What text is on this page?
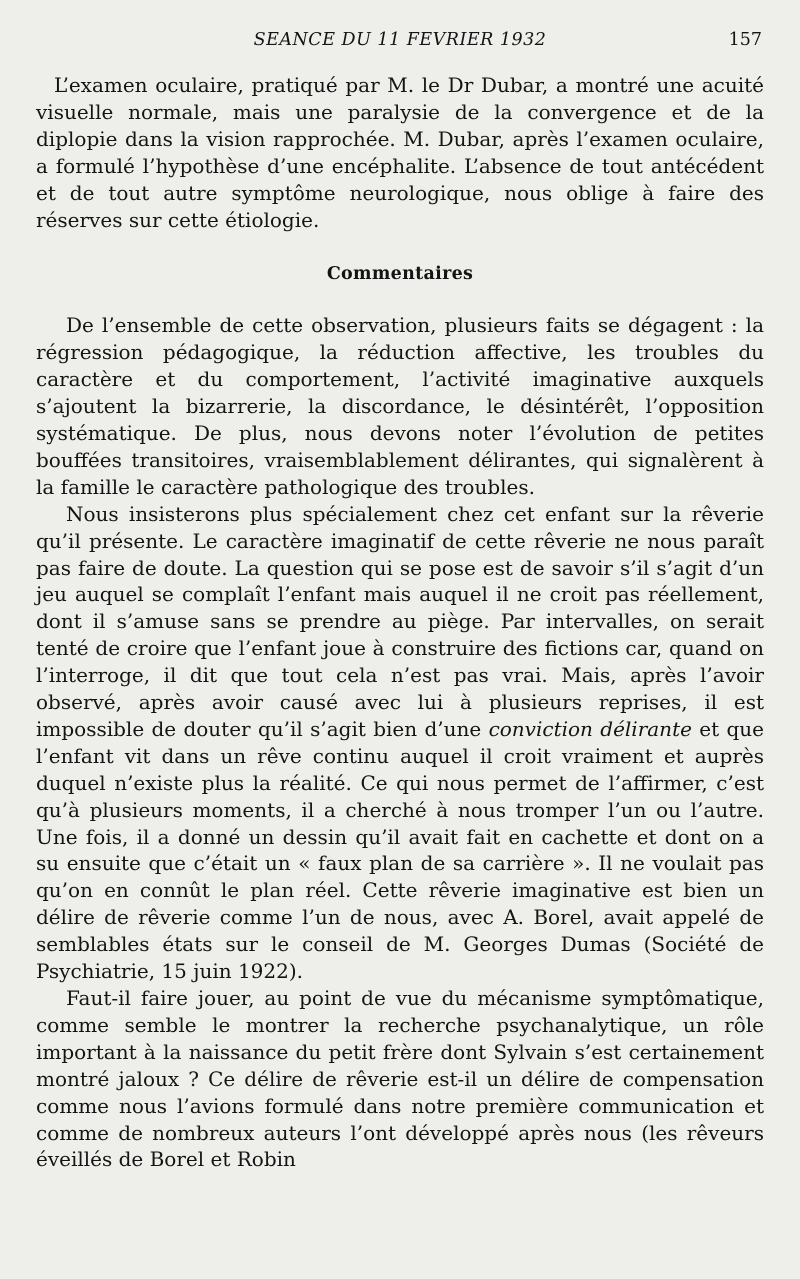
SEANCE DU 11 FEVRIER 1932	157

L’examen oculaire, pratiqué par M. le Dr Dubar, a montré une acuité visuelle normale, mais une paralysie de la convergence et de la diplopie dans la vision rapprochée. M. Dubar, après l’examen oculaire, a formulé l’hypothèse d’une encéphalite. L’absence de tout antécédent et de tout autre symptôme neurologique, nous oblige à faire des réserves sur cette étiologie.

Commentaires

De l’ensemble de cette observation, plusieurs faits se dégagent : la régression pédagogique, la réduction affective, les troubles du caractère et du comportement, l’activité imaginative auxquels s’ajoutent la bizarrerie, la discordance, le désintérêt, l’opposition systématique. De plus, nous devons noter l’évolution de petites bouffées transitoires, vraisemblablement délirantes, qui signalèrent à la famille le caractère pathologique des troubles.

Nous insisterons plus spécialement chez cet enfant sur la rêverie qu’il présente. Le caractère imaginatif de cette rêverie ne nous paraît pas faire de doute. La question qui se pose est de savoir s’il s’agit d’un jeu auquel se complaît l’enfant mais auquel il ne croit pas réellement, dont il s’amuse sans se prendre au piège. Par intervalles, on serait tenté de croire que l’enfant joue à construire des fictions car, quand on l’interroge, il dit que tout cela n’est pas vrai. Mais, après l’avoir observé, après avoir causé avec lui à plusieurs reprises, il est impossible de douter qu’il s’agit bien d’une conviction délirante et que l’enfant vit dans un rêve continu auquel il croit vraiment et auprès duquel n’existe plus la réalité. Ce qui nous permet de l’affirmer, c’est qu’à plusieurs moments, il a cherché à nous tromper l’un ou l’autre. Une fois, il a donné un dessin qu’il avait fait en cachette et dont on a su ensuite que c’était un « faux plan de sa carrière ». Il ne voulait pas qu’on en connût le plan réel. Cette rêverie imaginative est bien un délire de rêverie comme l’un de nous, avec A. Borel, avait appelé de semblables états sur le conseil de M. Georges Dumas (Société de Psychiatrie, 15 juin 1922).

Faut-il faire jouer, au point de vue du mécanisme symptômatique, comme semble le montrer la recherche psychanalytique, un rôle important à la naissance du petit frère dont Sylvain s’est certainement montré jaloux ? Ce délire de rêverie est-il un délire de compensation comme nous l’avions formulé dans notre première communication et comme de nombreux auteurs l’ont développé après nous (les rêveurs éveillés de Borel et Robin
